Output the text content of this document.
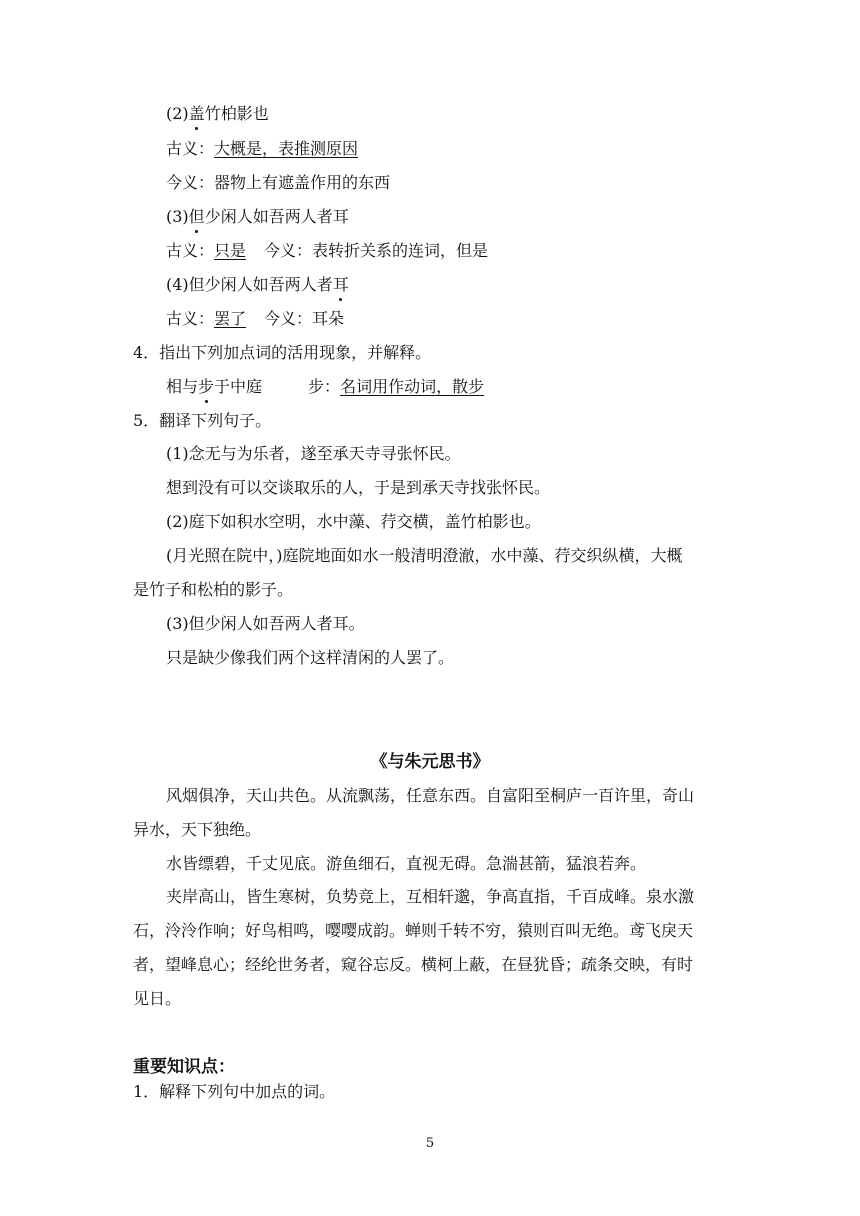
(2)盖竹柏影也
古义：大概是，表推测原因
今义：器物上有遮盖作用的东西
(3)但少闲人如吾两人者耳
古义：只是 今义：表转折关系的连词，但是
(4)但少闲人如吾两人者耳
古义：罢了 今义：耳朵
4．指出下列加点词的活用现象，并解释。
相与步于中庭	步：名词用作动词，散步
5．翻译下列句子。
(1)念无与为乐者，遂至承天寺寻张怀民。
想到没有可以交谈取乐的人，于是到承天寺找张怀民。
(2)庭下如积水空明，水中藻、荇交横，盖竹柏影也。
(月光照在院中，)庭院地面如水一般清明澄澈，水中藻、荇交织纵横，大概
是竹子和松柏的影子。
(3)但少闲人如吾两人者耳。
只是缺少像我们两个这样清闲的人罢了。
《与朱元思书》
风烟俱净，天山共色。从流飘荡，任意东西。自富阳至桐庐一百许里，奇山
异水，天下独绝。
水皆缥碧，千丈见底。游鱼细石，直视无碍。急湍甚箭，猛浪若奔。
夹岸高山，皆生寒树，负势竞上，互相轩邈，争高直指，千百成峰。泉水激
石，泠泠作响；好鸟相鸣，嘤嘤成韵。蝉则千转不穷，猿则百叫无绝。鸢飞戾天
者，望峰息心；经纶世务者，窥谷忘反。横柯上蔽，在昼犹昏；疏条交映，有时
见日。
重要知识点：
1．解释下列句中加点的词。
5
